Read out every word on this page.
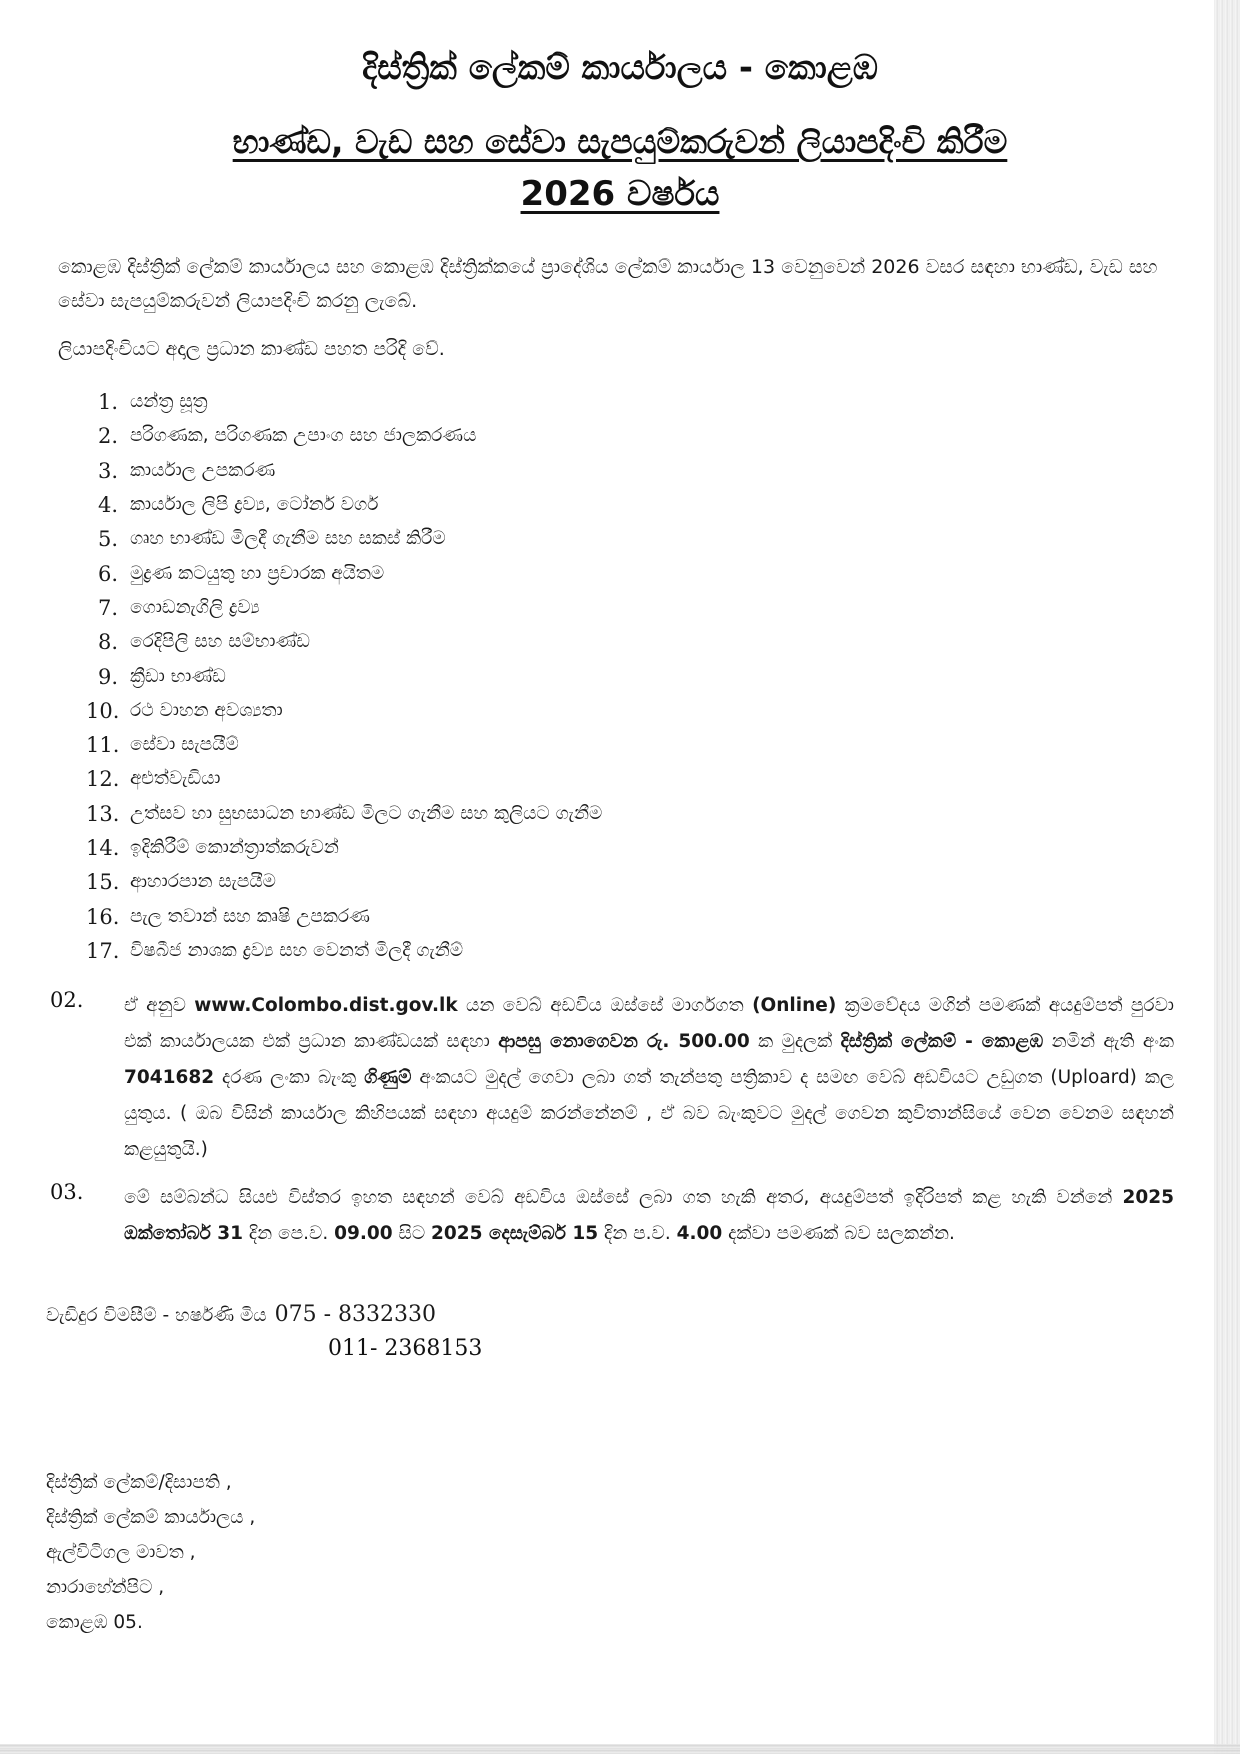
දිස්ත්‍රික් ලේකම් කාර්යාලය - කොළඹ
භාණ්ඩ, වැඩ සහ සේවා සැපයුම්කරුවන් ලියාපදිංචි කිරීම
2026 වර්ෂය
කොළඹ දිස්ත්‍රික් ලේකම් කාර්යාලය සහ කොළඹ දිස්ත්‍රික්කයේ ප්‍රාදේශිය ලේකම් කාර්යාල 13 වෙනුවෙන් 2026 වසර සඳහා භාණ්ඩ, වැඩ සහ සේවා සැපයුම්කරුවන් ලියාපදිංචි කරනු ලැබේ.
ලියාපදිංචියට අදාල ප්‍රධාන කාණ්ඩ පහත පරිදි වේ.
1. යන්ත්‍ර සූත්‍ර
2. පරිගණක, පරිගණක උපාංග සහ ජාලකරණය
3. කාර්යාල උපකරණ
4. කාර්යාල ලිපි ද්‍රව්‍ය, ටෝනර් වර්ග
5. ගෘහ භාණ්ඩ මිලදී ගැනීම සහ සකස් කිරීම
6. මුද්‍රණ කටයුතු හා ප්‍රචාරක අයිතම
7. ගොඩනැගිලි ද්‍රව්‍ය
8. රෙදිපිලි සහ සම්භාණ්ඩ
9. ක්‍රීඩා භාණ්ඩ
10. රථ වාහන අවශ්‍යතා
11. සේවා සැපයීම්
12. අළුත්වැඩියා
13. උත්සව හා සුභසාධන භාණ්ඩ මිලට ගැනීම සහ කුලියට ගැනීම
14. ඉදිකිරීම් කොන්ත්‍රාත්කරුවන්
15. ආහාරපාන සැපයීම
16. පැල තවාන් සහ කෘෂි උපකරණ
17. විෂබීජ නාශක ද්‍රව්‍ය සහ වෙනත් මිලදී ගැනීම්
02. ඒ අනුව www.Colombo.dist.gov.lk යන වෙබ් අඩවිය ඔස්සේ මාර්ගගත (Online) ක්‍රමවේදය මගින් පමණක් අයදුම්පත් පුරවා එක් කාර්යාලයක එක් ප්‍රධාන කාණ්ඩයක් සඳහා ආපසු නොගෙවන රු. 500.00 ක මුදලක් දිස්ත්‍රික් ලේකම් - කොළඹ නමින් ඇති අංක 7041682 දරණ ලංකා බැංකු ගිණුම් අංකයට මුදල් ගෙවා ලබා ගත් තැන්පතු පත්‍රිකාව ද සමඟ වෙබ් අඩවියට උඩුගත (Uploard) කල යුතුය. ( ඔබ විසින් කාර්යාල කිහිපයක් සඳහා අයදුම් කරන්නේනම් , ඒ බව බැංකුවට මුදල් ගෙවන කුවිතාන්සියේ වෙන වෙනම සඳහන් කළයුතුයි.)
03. මේ සම්බන්ධ සියළු විස්තර ඉහත සඳහන් වෙබ් අඩවිය ඔස්සේ ලබා ගත හැකි අතර, අයදුම්පත් ඉදිරිපත් කළ හැකි වන්නේ 2025 ඔක්තෝබර් 31 දින පෙ.ව. 09.00 සිට 2025 දෙසැම්බර් 15 දින ප.ව. 4.00 දක්වා පමණක් බව සලකන්න.
වැඩිදුර විමසීම් - හර්ෂණි මිය 075 - 8332330
011- 2368153
දිස්ත්‍රික් ලේකම්/දිසාපති ,
දිස්ත්‍රික් ලේකම් කාර්යාලය ,
ඇල්විටිගල මාවත ,
නාරාහේන්පිට ,
කොළඹ 05.
